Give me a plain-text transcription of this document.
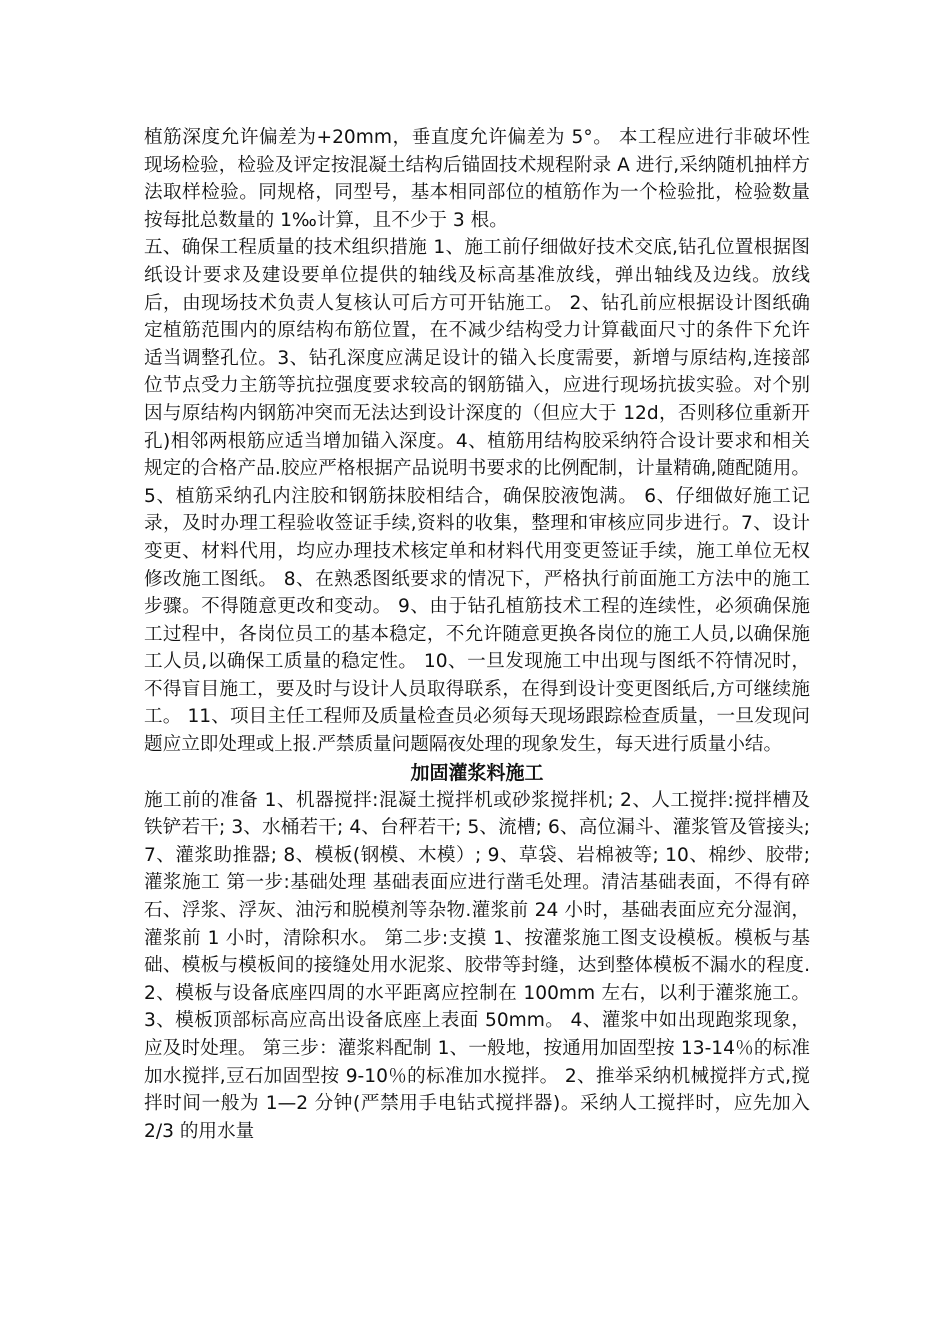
植筋深度允许偏差为+20mm，垂直度允许偏差为 5°。 本工程应进行非破坏性现场检验，检验及评定按混凝土结构后锚固技术规程附录 A 进行,采纳随机抽样方法取样检验。同规格，同型号，基本相同部位的植筋作为一个检验批，检验数量按每批总数量的 1‰计算，且不少于 3 根。

五、确保工程质量的技术组织措施 1、施工前仔细做好技术交底,钻孔位置根据图纸设计要求及建设要单位提供的轴线及标高基准放线，弹出轴线及边线。放线后，由现场技术负责人复核认可后方可开钻施工。 2、钻孔前应根据设计图纸确定植筋范围内的原结构布筋位置，在不减少结构受力计算截面尺寸的条件下允许适当调整孔位。3、钻孔深度应满足设计的锚入长度需要，新增与原结构,连接部位节点受力主筋等抗拉强度要求较高的钢筋锚入，应进行现场抗拔实验。对个别因与原结构内钢筋冲突而无法达到设计深度的（但应大于 12d，否则移位重新开孔)相邻两根筋应适当增加锚入深度。4、植筋用结构胶采纳符合设计要求和相关规定的合格产品.胶应严格根据产品说明书要求的比例配制，计量精确,随配随用。 5、植筋采纳孔内注胶和钢筋抹胶相结合，确保胶液饱满。 6、仔细做好施工记录，及时办理工程验收签证手续,资料的收集，整理和审核应同步进行。7、设计变更、材料代用，均应办理技术核定单和材料代用变更签证手续，施工单位无权修改施工图纸。 8、在熟悉图纸要求的情况下，严格执行前面施工方法中的施工步骤。不得随意更改和变动。 9、由于钻孔植筋技术工程的连续性，必须确保施工过程中，各岗位员工的基本稳定，不允许随意更换各岗位的施工人员,以确保施工人员,以确保工质量的稳定性。 10、一旦发现施工中出现与图纸不符情况时，不得盲目施工，要及时与设计人员取得联系，在得到设计变更图纸后,方可继续施工。 11、项目主任工程师及质量检查员必须每天现场跟踪检查质量，一旦发现问题应立即处理或上报.严禁质量问题隔夜处理的现象发生，每天进行质量小结。

加固灌浆料施工

施工前的准备 1、机器搅拌:混凝土搅拌机或砂浆搅拌机; 2、人工搅拌:搅拌槽及铁铲若干; 3、水桶若干; 4、台秤若干; 5、流槽; 6、高位漏斗、灌浆管及管接头; 7、灌浆助推器; 8、模板(钢模、木模）; 9、草袋、岩棉被等; 10、棉纱、胶带; 灌浆施工 第一步:基础处理 基础表面应进行凿毛处理。清洁基础表面，不得有碎石、浮浆、浮灰、油污和脱模剂等杂物.灌浆前 24 小时，基础表面应充分湿润，灌浆前 1 小时，清除积水。 第二步:支摸 1、按灌浆施工图支设模板。模板与基础、模板与模板间的接缝处用水泥浆、胶带等封缝，达到整体模板不漏水的程度. 2、模板与设备底座四周的水平距离应控制在 100mm 左右，以利于灌浆施工。 3、模板顶部标高应高出设备底座上表面 50mm。 4、灌浆中如出现跑浆现象，应及时处理。 第三步：灌浆料配制 1、一般地，按通用加固型按 13-14％的标准加水搅拌,豆石加固型按 9-10％的标准加水搅拌。 2、推举采纳机械搅拌方式,搅拌时间一般为 1—2 分钟(严禁用手电钻式搅拌器)。采纳人工搅拌时，应先加入 2/3 的用水量
